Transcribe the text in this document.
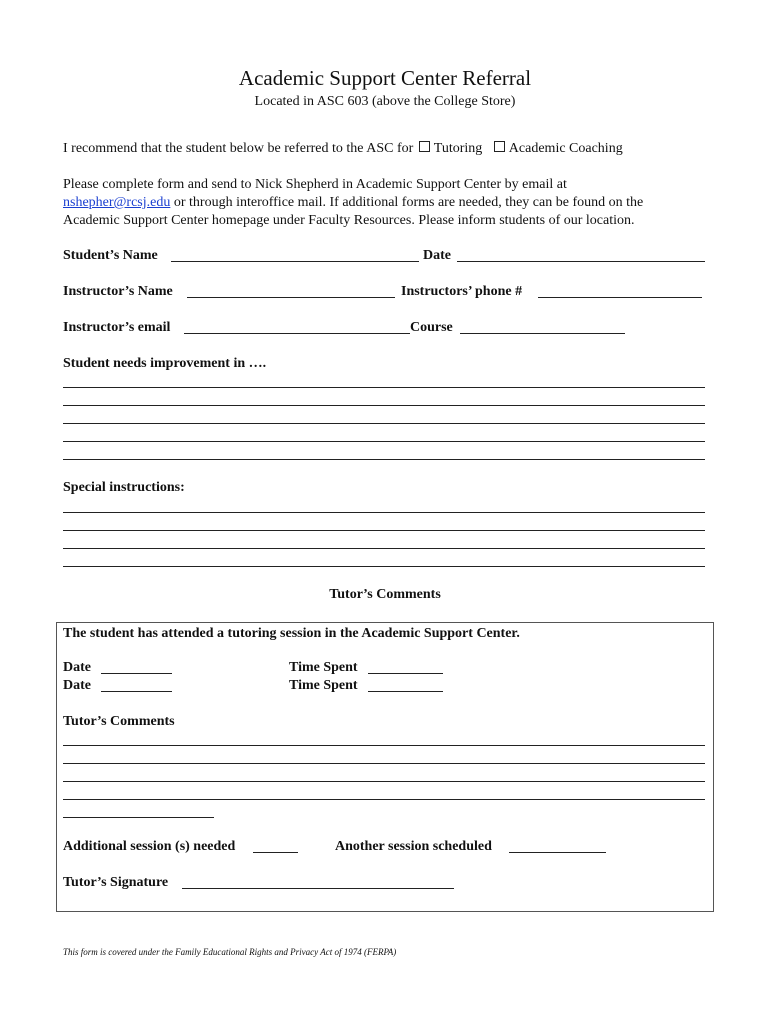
Academic Support Center Referral
Located in ASC 603 (above the College Store)
I recommend that the student below be referred to the ASC for Tutoring Academic Coaching
Please complete form and send to Nick Shepherd in Academic Support Center by email at
nshepher@rcsj.edu or through interoffice mail. If additional forms are needed, they can be found on the
Academic Support Center homepage under Faculty Resources. Please inform students of our location.
Student’s Name	Date
Instructor’s Name	Instructors’ phone #
Instructor’s email	Course
Student needs improvement in ….
Special instructions:
Tutor’s Comments
The student has attended a tutoring session in the Academic Support Center.
Date	Time Spent
Date	Time Spent
Tutor’s Comments
Additional session (s) needed	Another session scheduled
Tutor’s Signature
This form is covered under the Family Educational Rights and Privacy Act of 1974 (FERPA)
